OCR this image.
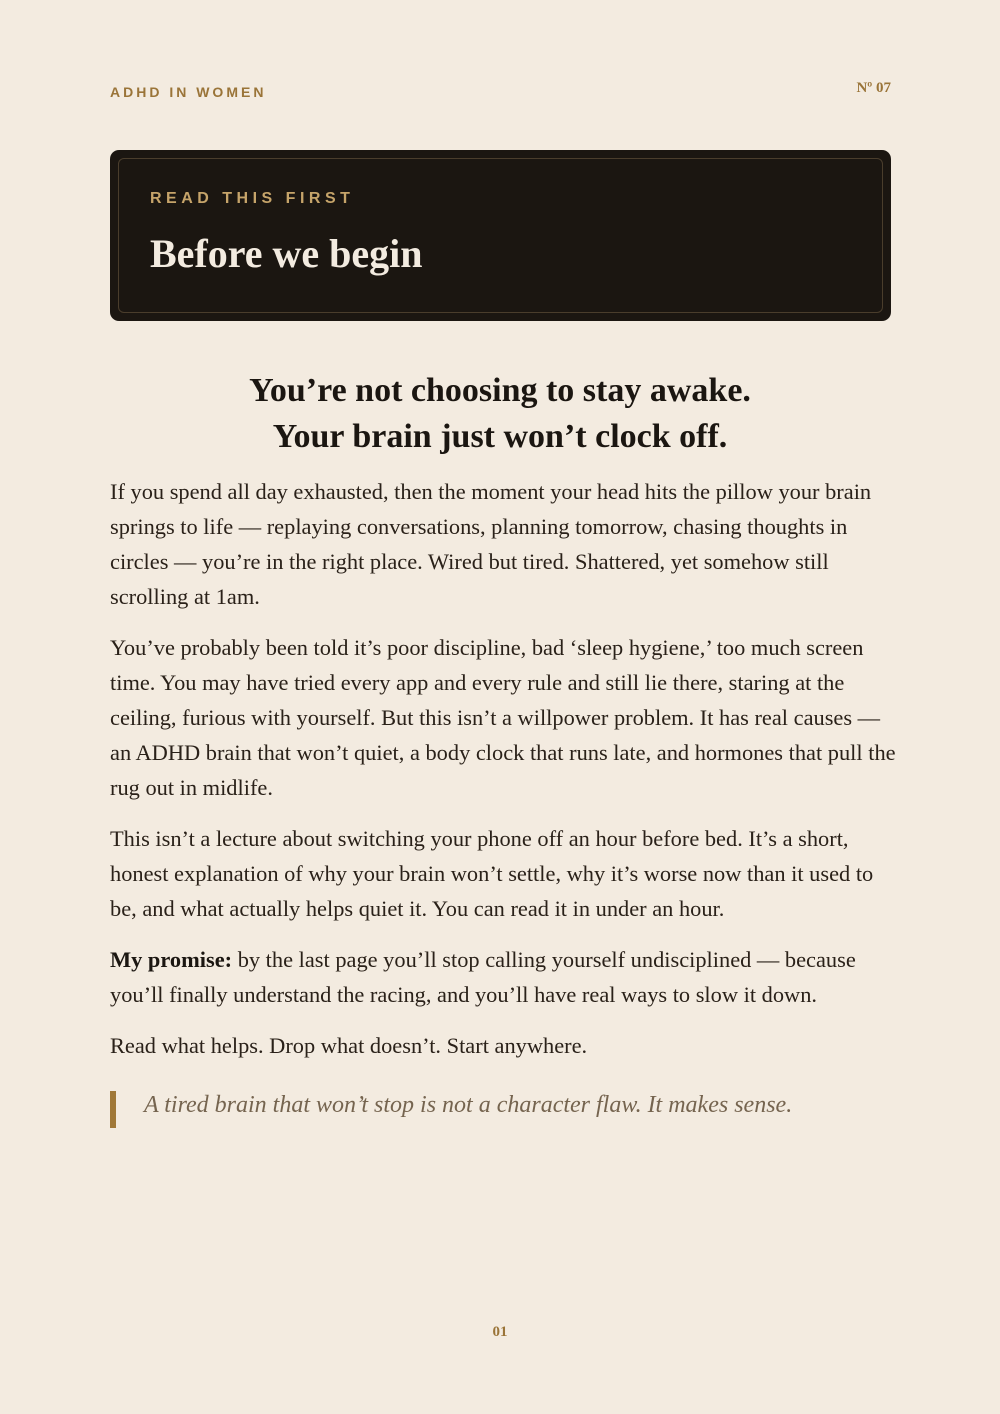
ADHD IN WOMEN	Nº 07
READ THIS FIRST
Before we begin
You’re not choosing to stay awake.
Your brain just won’t clock off.

If you spend all day exhausted, then the moment your head hits the pillow your brain springs to life — replaying conversations, planning tomorrow, chasing thoughts in circles — you’re in the right place. Wired but tired. Shattered, yet somehow still scrolling at 1am.

You’ve probably been told it’s poor discipline, bad ‘sleep hygiene,’ too much screen time. You may have tried every app and every rule and still lie there, staring at the ceiling, furious with yourself. But this isn’t a willpower problem. It has real causes — an ADHD brain that won’t quiet, a body clock that runs late, and hormones that pull the rug out in midlife.

This isn’t a lecture about switching your phone off an hour before bed. It’s a short, honest explanation of why your brain won’t settle, why it’s worse now than it used to be, and what actually helps quiet it. You can read it in under an hour.

My promise: by the last page you’ll stop calling yourself undisciplined — because you’ll finally understand the racing, and you’ll have real ways to slow it down.

Read what helps. Drop what doesn’t. Start anywhere.

A tired brain that won’t stop is not a character flaw. It makes sense.
01
